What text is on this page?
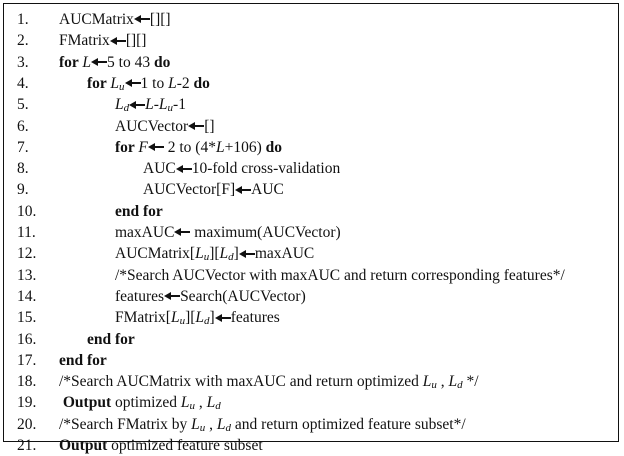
1. AUCMatrix [][]
2. FMatrix [][]
3. for L 5 to 43 do
4.	for Lu 1 to L-2 do
5.	Ld L-Lu-1
6.	AUCVector []
7.	for F
2 to (4*L+106) do
8.	AUC 10-fold cross-validation
9.	AUCVector[F] AUC
10.	end for
11.	maxAUC
maximum(AUCVector)
12.	AUCMatrix[Lu][Ld] maxAUC
13.	/*Search AUCVector with maxAUC and return corresponding features*/
14.	features Search(AUCVector)
15.	FMatrix[Lu][Ld] features
16.	end for
17. end for
18. /*Search AUCMatrix with maxAUC and return optimized Lu , Ld */
19. Output optimized Lu , Ld
20. /*Search FMatrix by Lu , Ld and return optimized feature subset*/
21. Output optimized feature subset
